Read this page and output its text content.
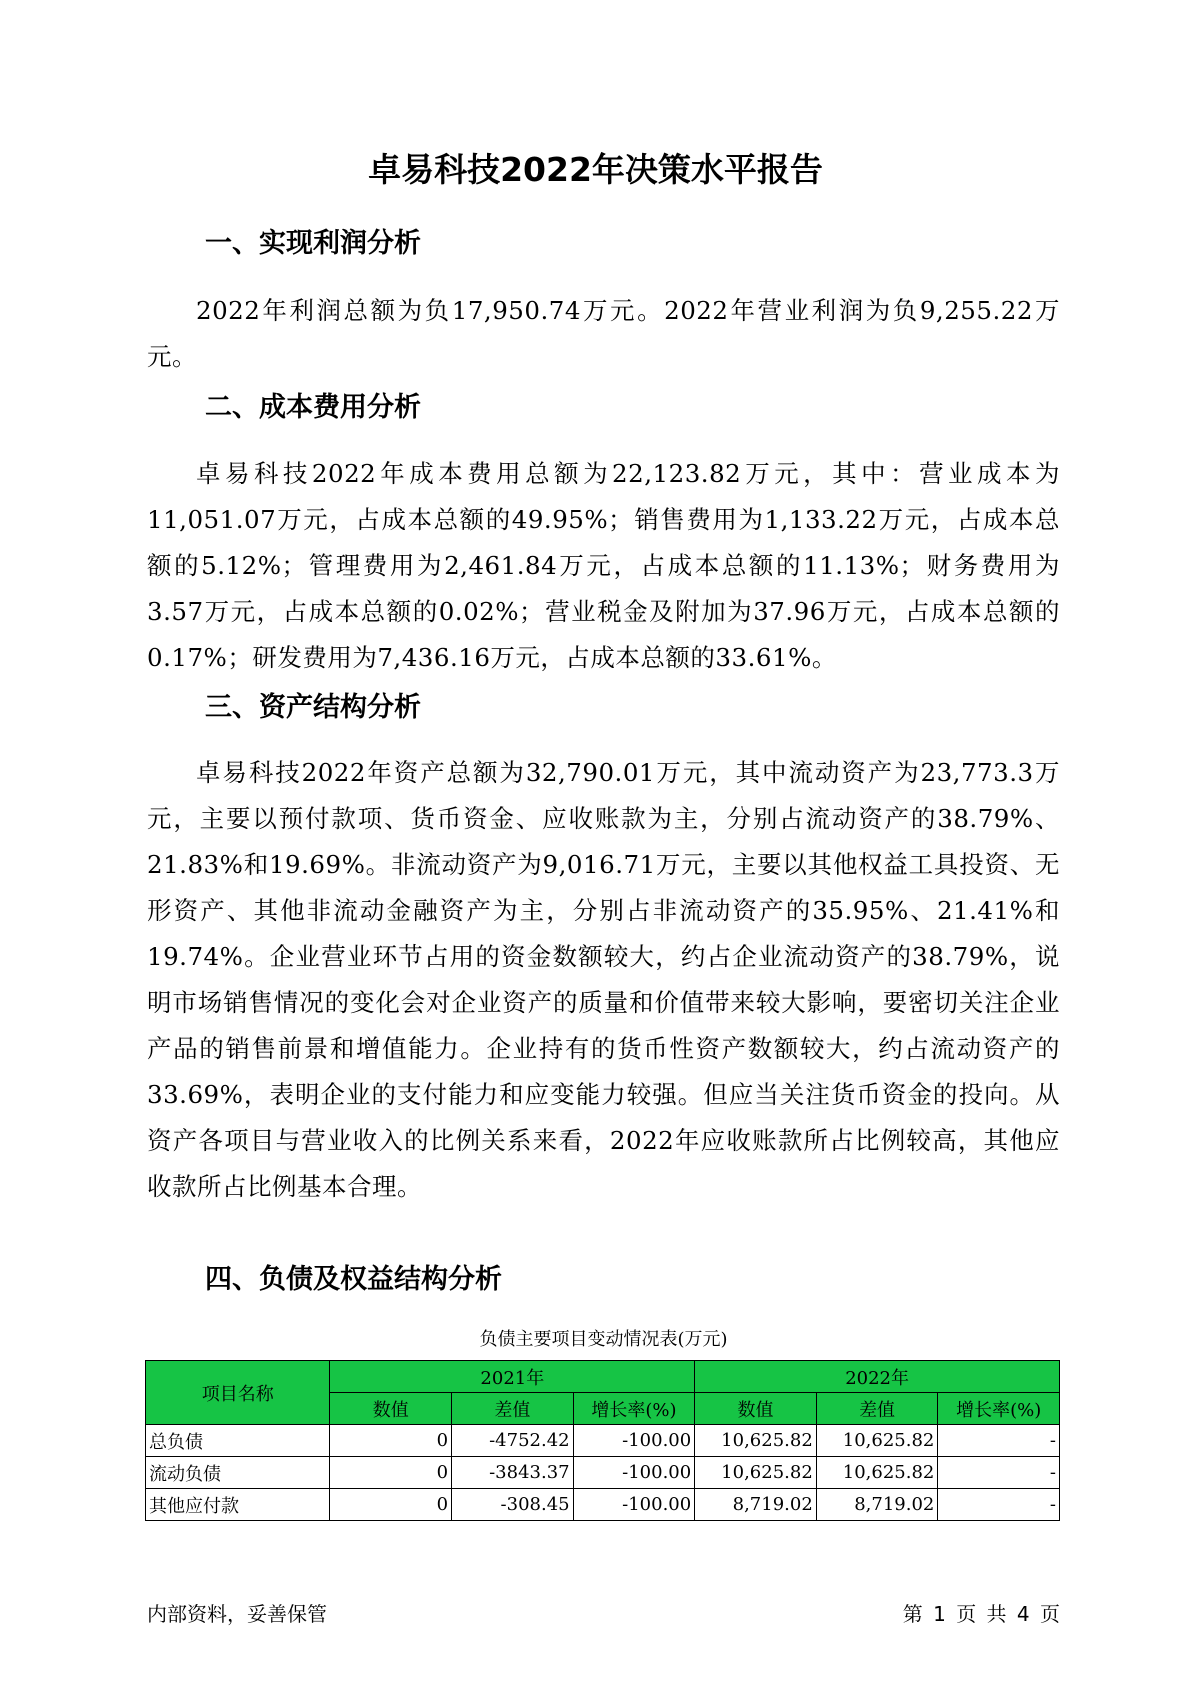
卓易科技2022年决策水平报告
一、实现利润分析

2022年利润总额为负17,950.74万元。2022年营业利润为负9,255.22万元。

二、成本费用分析

卓易科技2022年成本费用总额为22,123.82万元，其中：营业成本为11,051.07万元，占成本总额的49.95%；销售费用为1,133.22万元，占成本总额的5.12%；管理费用为2,461.84万元，占成本总额的11.13%；财务费用为3.57万元，占成本总额的0.02%；营业税金及附加为37.96万元，占成本总额的0.17%；研发费用为7,436.16万元，占成本总额的33.61%。

三、资产结构分析

卓易科技2022年资产总额为32,790.01万元，其中流动资产为23,773.3万元，主要以预付款项、货币资金、应收账款为主，分别占流动资产的38.79%、21.83%和19.69%。非流动资产为9,016.71万元，主要以其他权益工具投资、无形资产、其他非流动金融资产为主，分别占非流动资产的35.95%、21.41%和19.74%。企业营业环节占用的资金数额较大，约占企业流动资产的38.79%，说明市场销售情况的变化会对企业资产的质量和价值带来较大影响，要密切关注企业产品的销售前景和增值能力。企业持有的货币性资产数额较大，约占流动资产的33.69%，表明企业的支付能力和应变能力较强。但应当关注货币资金的投向。从资产各项目与营业收入的比例关系来看，2022年应收账款所占比例较高，其他应收款所占比例基本合理。

四、负债及权益结构分析
负债主要项目变动情况表(万元)
项目名称	2021年			2022年		
	数值	差值	增长率(%)	数值	差值	增长率(%)
总负债	0	-4752.42	-100.00	10,625.82	10,625.82	-
流动负债	0	-3843.37	-100.00	10,625.82	10,625.82	-
其他应付款	0	-308.45	-100.00	8,719.02	8,719.02	-

内部资料，妥善保管	第 1 页 共 4 页
